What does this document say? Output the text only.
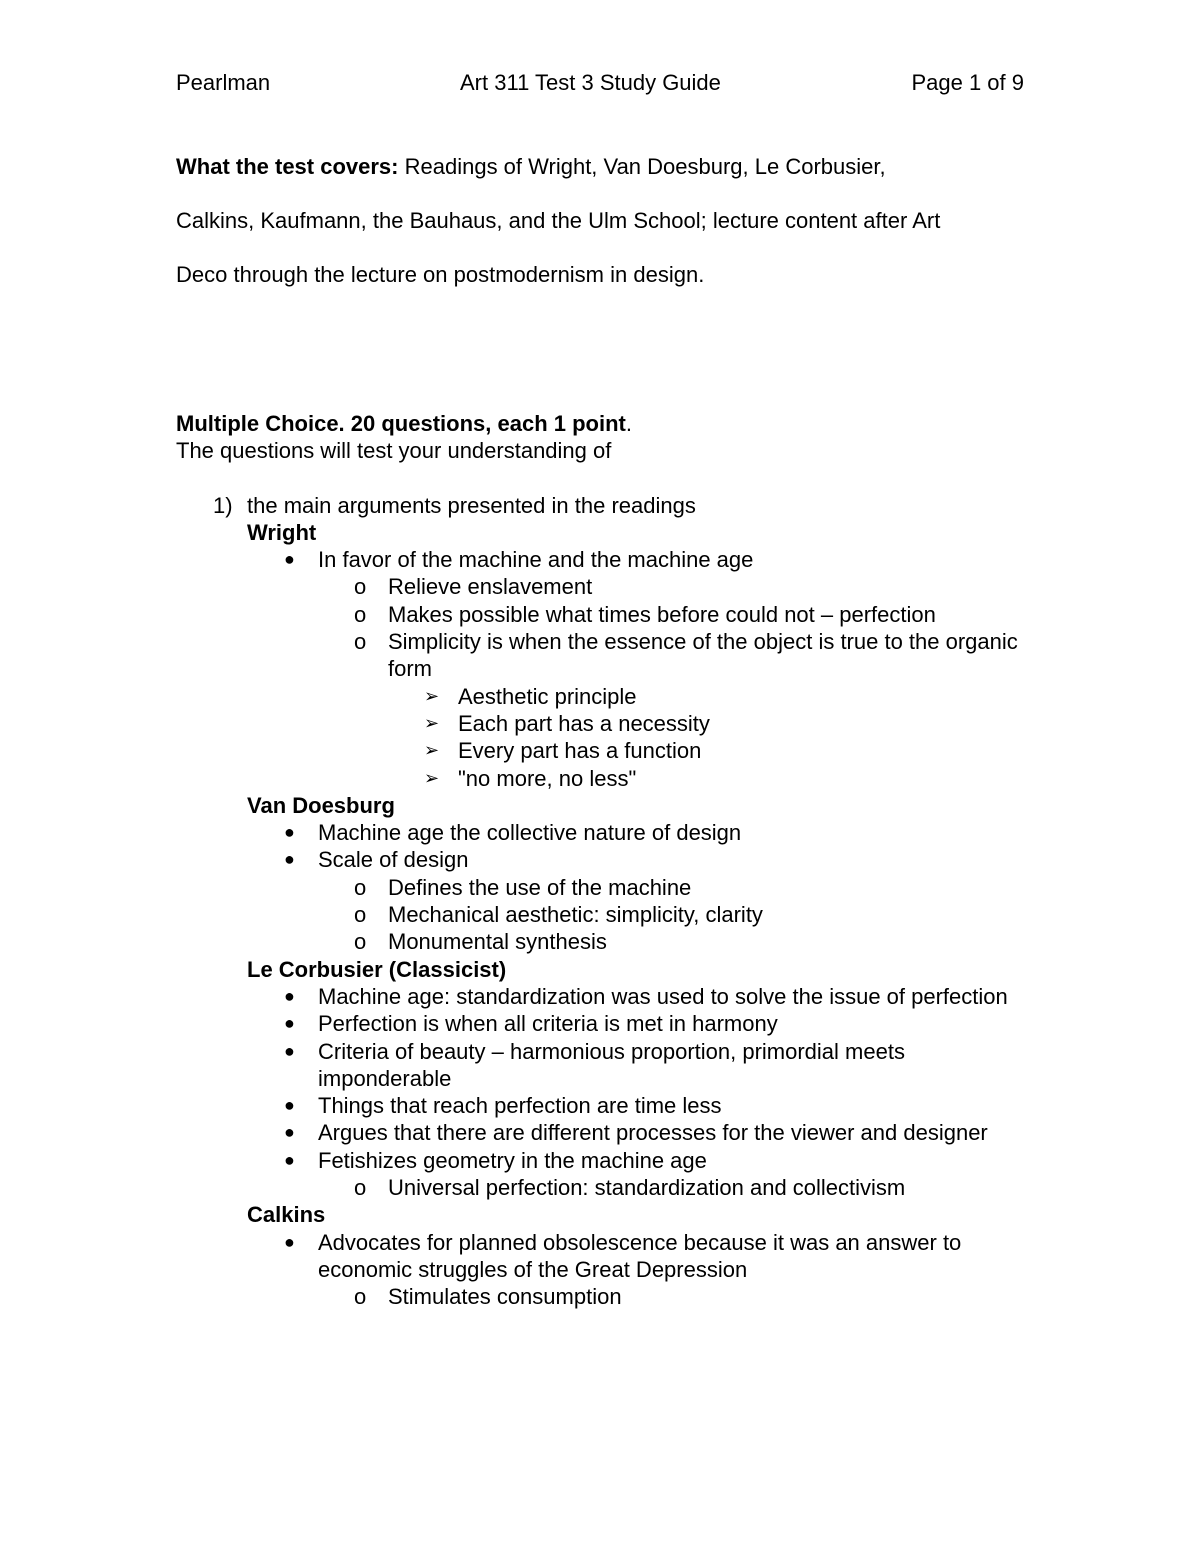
Pearlman	Art 311 Test 3 Study Guide	Page 1 of 9

What the test covers: Readings of Wright, Van Doesburg, Le Corbusier,

Calkins, Kaufmann, the Bauhaus, and the Ulm School; lecture content after Art

Deco through the lecture on postmodernism in design.

Multiple Choice. 20 questions, each 1 point.

The questions will test your understanding of

1) the main arguments presented in the readings
Wright
● In favor of the machine and the machine age
o Relieve enslavement
o Makes possible what times before could not – perfection
o Simplicity is when the essence of the object is true to the organic form
➢ Aesthetic principle
➢ Each part has a necessity
➢ Every part has a function
➢ "no more, no less"
Van Doesburg
● Machine age the collective nature of design
● Scale of design
o Defines the use of the machine
o Mechanical aesthetic: simplicity, clarity
o Monumental synthesis
Le Corbusier (Classicist)
● Machine age: standardization was used to solve the issue of perfection
● Perfection is when all criteria is met in harmony
● Criteria of beauty – harmonious proportion, primordial meets imponderable
● Things that reach perfection are time less
● Argues that there are different processes for the viewer and designer
● Fetishizes geometry in the machine age
o Universal perfection: standardization and collectivism
Calkins
● Advocates for planned obsolescence because it was an answer to economic struggles of the Great Depression
o Stimulates consumption
